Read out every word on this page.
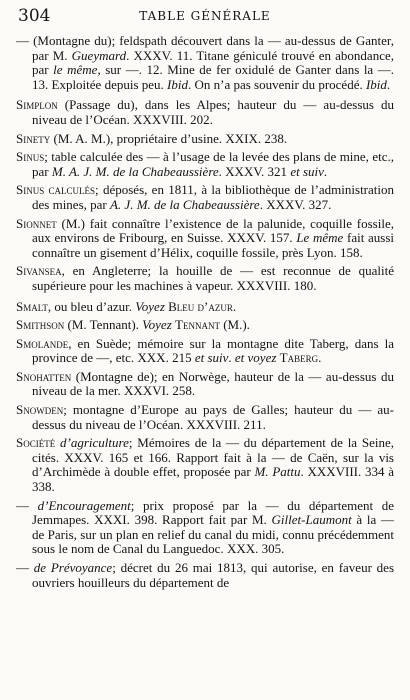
304	TABLE GÉNÉRALE

— (Montagne du); feldspath découvert dans la — au-dessus de Ganter, par M. Gueymard. XXXV. 11. Titane géniculé trouvé en abondance, par le même, sur —. 12. Mine de fer oxidulé de Ganter dans la —. 13. Exploitée depuis peu. Ibid. On n’a pas souvenir du procédé. Ibid.

Simplon (Passage du), dans les Alpes; hauteur du — au-dessus du niveau de l’Océan. XXXVIII. 202.

Sinety (M. A. M.), propriétaire d’usine. XXIX. 238.

Sinus; table calculée des — à l’usage de la levée des plans de mine, etc., par M. A. J. M. de la Chabeaussière. XXXV. 321 et suiv.

Sinus calculés; déposés, en 1811, à la bibliothèque de l’administration des mines, par A. J. M. de la Chabeaussière. XXXV. 327.

Sionnet (M.) fait connaître l’existence de la palunide, coquille fossile, aux environs de Fribourg, en Suisse. XXXV. 157. Le même fait aussi connaître un gisement d’Hélix, coquille fossile, près Lyon. 158.

Sivansea, en Angleterre; la houille de — est reconnue de qualité supérieure pour les machines à vapeur. XXXVIII. 180.

Smalt, ou bleu d’azur. Voyez Bleu d’azur.

Smithson (M. Tennant). Voyez Tennant (M.).

Smolande, en Suède; mémoire sur la montagne dite Taberg, dans la province de —, etc. XXX. 215 et suiv. et voyez Taberg.

Snohatten (Montagne de); en Norwège, hauteur de la — au-dessus du niveau de la mer. XXXVI. 258.

Snowden; montagne d’Europe au pays de Galles; hauteur du — au-dessus du niveau de l’Océan. XXXVIII. 211.

Société d’agriculture; Mémoires de la — du département de la Seine, cités. XXXV. 165 et 166. Rapport fait à la — de Caën, sur la vis d’Archimède à double effet, proposée par M. Pattu. XXXVIII. 334 à 338.

— d’Encouragement; prix proposé par la — du département de Jemmapes. XXXI. 398. Rapport fait par M. Gillet-Laumont à la — de Paris, sur un plan en relief du canal du midi, connu précédemment sous le nom de Canal du Languedoc. XXX. 305.

— de Prévoyance; décret du 26 mai 1813, qui autorise, en faveur des ouvriers houilleurs du département de
